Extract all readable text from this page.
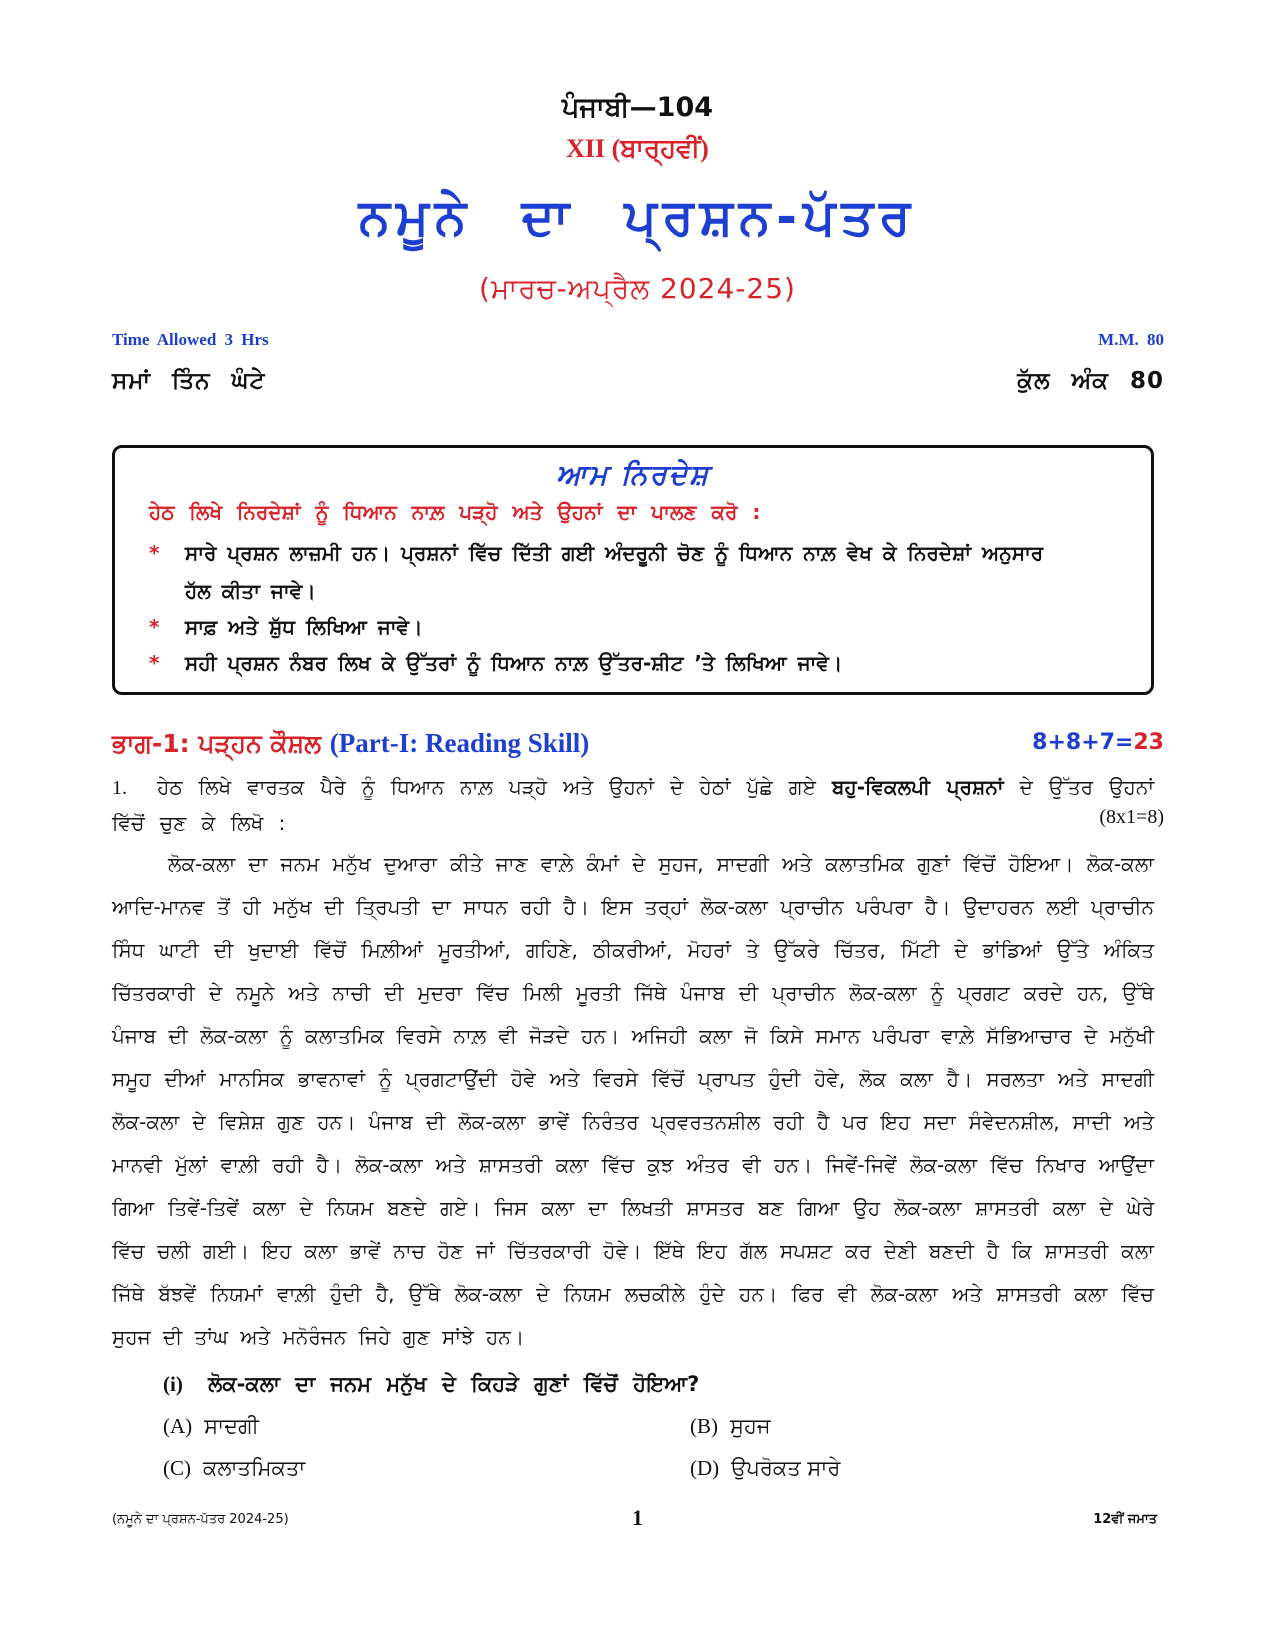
ਪੰਜਾਬੀ—104
XII (ਬਾਰ੍ਹਵੀਂ)
ਨਮੂਨੇ ਦਾ ਪ੍ਰਸ਼ਨ-ਪੱਤਰ
(ਮਾਰਚ-ਅਪ੍ਰੈਲ 2024-25)
Time Allowed 3 Hrs	M.M. 80
ਸਮਾਂ ਤਿੰਨ ਘੰਟੇ	ਕੁੱਲ ਅੰਕ 80
ਆਮ ਨਿਰਦੇਸ਼
ਹੇਠ ਲਿਖੇ ਨਿਰਦੇਸ਼ਾਂ ਨੂੰ ਧਿਆਨ ਨਾਲ਼ ਪੜ੍ਹੋ ਅਤੇ ਉਹਨਾਂ ਦਾ ਪਾਲਣ ਕਰੋ :
* ਸਾਰੇ ਪ੍ਰਸ਼ਨ ਲਾਜ਼ਮੀ ਹਨ। ਪ੍ਰਸ਼ਨਾਂ ਵਿੱਚ ਦਿੱਤੀ ਗਈ ਅੰਦਰੂਨੀ ਚੋਣ ਨੂੰ ਧਿਆਨ ਨਾਲ਼ ਵੇਖ ਕੇ ਨਿਰਦੇਸ਼ਾਂ ਅਨੁਸਾਰ
ਹੱਲ ਕੀਤਾ ਜਾਵੇ।
* ਸਾਫ਼ ਅਤੇ ਸ਼ੁੱਧ ਲਿਖਿਆ ਜਾਵੇ।
* ਸਹੀ ਪ੍ਰਸ਼ਨ ਨੰਬਰ ਲਿਖ ਕੇ ਉੱਤਰਾਂ ਨੂੰ ਧਿਆਨ ਨਾਲ਼ ਉੱਤਰ-ਸ਼ੀਟ ’ਤੇ ਲਿਖਿਆ ਜਾਵੇ।
ਭਾਗ-1: ਪੜ੍ਹਨ ਕੌਸ਼ਲ (Part-I: Reading Skill)	8+8+7=23
1. ਹੇਠ ਲਿਖੇ ਵਾਰਤਕ ਪੈਰੇ ਨੂੰ ਧਿਆਨ ਨਾਲ਼ ਪੜ੍ਹੋ ਅਤੇ ਉਹਨਾਂ ਦੇ ਹੇਠਾਂ ਪੁੱਛੇ ਗਏ ਬਹੁ-ਵਿਕਲਪੀ ਪ੍ਰਸ਼ਨਾਂ ਦੇ ਉੱਤਰ ਉਹਨਾਂ ਵਿੱਚੋਂ ਚੁਣ ਕੇ ਲਿਖੋ :	(8x1=8)
ਲੋਕ-ਕਲਾ ਦਾ ਜਨਮ ਮਨੁੱਖ ਦੁਆਰਾ ਕੀਤੇ ਜਾਣ ਵਾਲ਼ੇ ਕੰਮਾਂ ਦੇ ਸੁਹਜ, ਸਾਦਗੀ ਅਤੇ ਕਲਾਤਮਿਕ ਗੁਣਾਂ ਵਿੱਚੋਂ ਹੋਇਆ। ਲੋਕ-ਕਲਾ ਆਦਿ-ਮਾਨਵ ਤੋਂ ਹੀ ਮਨੁੱਖ ਦੀ ਤ੍ਰਿਪਤੀ ਦਾ ਸਾਧਨ ਰਹੀ ਹੈ। ਇਸ ਤਰ੍ਹਾਂ ਲੋਕ-ਕਲਾ ਪ੍ਰਾਚੀਨ ਪਰੰਪਰਾ ਹੈ। ਉਦਾਹਰਨ ਲਈ ਪ੍ਰਾਚੀਨ ਸਿੰਧ ਘਾਟੀ ਦੀ ਖੁਦਾਈ ਵਿੱਚੋਂ ਮਿਲ਼ੀਆਂ ਮੂਰਤੀਆਂ, ਗਹਿਣੇ, ਠੀਕਰੀਆਂ, ਮੋਹਰਾਂ ਤੇ ਉੱਕਰੇ ਚਿੱਤਰ, ਮਿੱਟੀ ਦੇ ਭਾਂਡਿਆਂ ਉੱਤੇ ਅੰਕਿਤ ਚਿੱਤਰਕਾਰੀ ਦੇ ਨਮੂਨੇ ਅਤੇ ਨਾਚੀ ਦੀ ਮੁਦਰਾ ਵਿੱਚ ਮਿਲੀ ਮੂਰਤੀ ਜਿੱਥੇ ਪੰਜਾਬ ਦੀ ਪ੍ਰਾਚੀਨ ਲੋਕ-ਕਲਾ ਨੂੰ ਪ੍ਰਗਟ ਕਰਦੇ ਹਨ, ਉੱਥੇ ਪੰਜਾਬ ਦੀ ਲੋਕ-ਕਲਾ ਨੂੰ ਕਲਾਤਮਿਕ ਵਿਰਸੇ ਨਾਲ਼ ਵੀ ਜੋੜਦੇ ਹਨ। ਅਜਿਹੀ ਕਲਾ ਜੋ ਕਿਸੇ ਸਮਾਨ ਪਰੰਪਰਾ ਵਾਲ਼ੇ ਸੱਭਿਆਚਾਰ ਦੇ ਮਨੁੱਖੀ ਸਮੂਹ ਦੀਆਂ ਮਾਨਸਿਕ ਭਾਵਨਾਵਾਂ ਨੂੰ ਪ੍ਰਗਟਾਉਂਦੀ ਹੋਵੇ ਅਤੇ ਵਿਰਸੇ ਵਿੱਚੋਂ ਪ੍ਰਾਪਤ ਹੁੰਦੀ ਹੋਵੇ, ਲੋਕ ਕਲਾ ਹੈ। ਸਰਲਤਾ ਅਤੇ ਸਾਦਗੀ ਲੋਕ-ਕਲਾ ਦੇ ਵਿਸ਼ੇਸ਼ ਗੁਣ ਹਨ। ਪੰਜਾਬ ਦੀ ਲੋਕ-ਕਲਾ ਭਾਵੇਂ ਨਿਰੰਤਰ ਪ੍ਰਵਰਤਨਸ਼ੀਲ ਰਹੀ ਹੈ ਪਰ ਇਹ ਸਦਾ ਸੰਵੇਦਨਸ਼ੀਲ, ਸਾਦੀ ਅਤੇ ਮਾਨਵੀ ਮੁੱਲਾਂ ਵਾਲ਼ੀ ਰਹੀ ਹੈ। ਲੋਕ-ਕਲਾ ਅਤੇ ਸ਼ਾਸਤਰੀ ਕਲਾ ਵਿੱਚ ਕੁਝ ਅੰਤਰ ਵੀ ਹਨ। ਜਿਵੇਂ-ਜਿਵੇਂ ਲੋਕ-ਕਲਾ ਵਿੱਚ ਨਿਖਾਰ ਆਉਂਦਾ ਗਿਆ ਤਿਵੇਂ-ਤਿਵੇਂ ਕਲਾ ਦੇ ਨਿਯਮ ਬਣਦੇ ਗਏ। ਜਿਸ ਕਲਾ ਦਾ ਲਿਖਤੀ ਸ਼ਾਸਤਰ ਬਣ ਗਿਆ ਉਹ ਲੋਕ-ਕਲਾ ਸ਼ਾਸਤਰੀ ਕਲਾ ਦੇ ਘੇਰੇ ਵਿੱਚ ਚਲੀ ਗਈ। ਇਹ ਕਲਾ ਭਾਵੇਂ ਨਾਚ ਹੋਣ ਜਾਂ ਚਿੱਤਰਕਾਰੀ ਹੋਵੇ। ਇੱਥੇ ਇਹ ਗੱਲ ਸਪਸ਼ਟ ਕਰ ਦੇਣੀ ਬਣਦੀ ਹੈ ਕਿ ਸ਼ਾਸਤਰੀ ਕਲਾ ਜਿੱਥੇ ਬੱਝਵੇਂ ਨਿਯਮਾਂ ਵਾਲ਼ੀ ਹੁੰਦੀ ਹੈ, ਉੱਥੇ ਲੋਕ-ਕਲਾ ਦੇ ਨਿਯਮ ਲਚਕੀਲੇ ਹੁੰਦੇ ਹਨ। ਫਿਰ ਵੀ ਲੋਕ-ਕਲਾ ਅਤੇ ਸ਼ਾਸਤਰੀ ਕਲਾ ਵਿੱਚ ਸੁਹਜ ਦੀ ਤਾਂਘ ਅਤੇ ਮਨੋਰੰਜਨ ਜਿਹੇ ਗੁਣ ਸਾਂਝੇ ਹਨ।
(i) ਲੋਕ-ਕਲਾ ਦਾ ਜਨਮ ਮਨੁੱਖ ਦੇ ਕਿਹੜੇ ਗੁਣਾਂ ਵਿੱਚੋਂ ਹੋਇਆ?
(A) ਸਾਦਗੀ	(B) ਸੁਹਜ
(C) ਕਲਾਤਮਿਕਤਾ	(D) ਉਪਰੋਕਤ ਸਾਰੇ
(ਨਮੂਨੇ ਦਾ ਪ੍ਰਸ਼ਨ-ਪੱਤਰ 2024-25)	1	12ਵੀਂ ਜਮਾਤ
